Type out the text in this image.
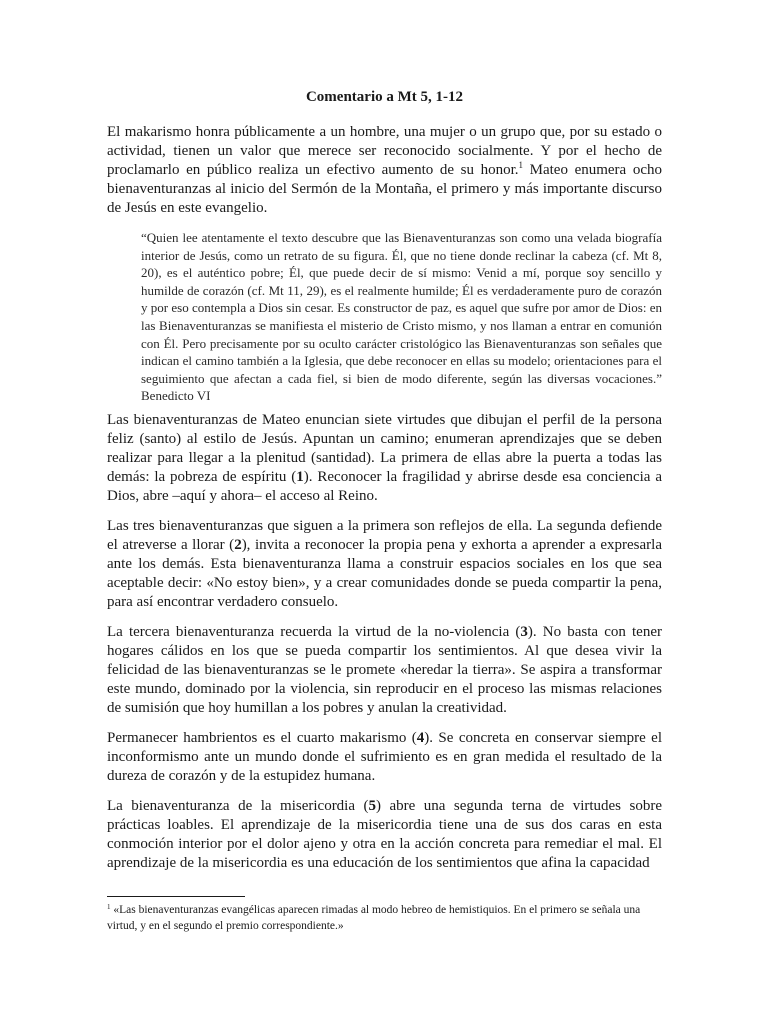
Comentario a Mt 5, 1-12

El makarismo honra públicamente a un hombre, una mujer o un grupo que, por su estado o actividad, tienen un valor que merece ser reconocido socialmente. Y por el hecho de proclamarlo en público realiza un efectivo aumento de su honor.$^1$ Mateo enumera ocho bienaventuranzas al inicio del Sermón de la Montaña, el primero y más importante discurso de Jesús en este evangelio.

“Quien lee atentamente el texto descubre que las Bienaventuranzas son como una velada biografía interior de Jesús, como un retrato de su figura. Él, que no tiene donde reclinar la cabeza (cf. Mt 8, 20), es el auténtico pobre; Él, que puede decir de sí mismo: Venid a mí, porque soy sencillo y humilde de corazón (cf. Mt 11, 29), es el realmente humilde; Él es verdaderamente puro de corazón y por eso contempla a Dios sin cesar. Es constructor de paz, es aquel que sufre por amor de Dios: en las Bienaventuranzas se manifiesta el misterio de Cristo mismo, y nos llaman a entrar en comunión con Él. Pero precisamente por su oculto carácter cristológico las Bienaventuranzas son señales que indican el camino también a la Iglesia, que debe reconocer en ellas su modelo; orientaciones para el seguimiento que afectan a cada fiel, si bien de modo diferente, según las diversas vocaciones.” Benedicto VI

Las bienaventuranzas de Mateo enuncian siete virtudes que dibujan el perfil de la persona feliz (santo) al estilo de Jesús. Apuntan un camino; enumeran aprendizajes que se deben realizar para llegar a la plenitud (santidad). La primera de ellas abre la puerta a todas las demás: la pobreza de espíritu (1). Reconocer la fragilidad y abrirse desde esa conciencia a Dios, abre –aquí y ahora– el acceso al Reino.

Las tres bienaventuranzas que siguen a la primera son reflejos de ella. La segunda defiende el atreverse a llorar (2), invita a reconocer la propia pena y exhorta a aprender a expresarla ante los demás. Esta bienaventuranza llama a construir espacios sociales en los que sea aceptable decir: «No estoy bien», y a crear comunidades donde se pueda compartir la pena, para así encontrar verdadero consuelo.

La tercera bienaventuranza recuerda la virtud de la no-violencia (3). No basta con tener hogares cálidos en los que se pueda compartir los sentimientos. Al que desea vivir la felicidad de las bienaventuranzas se le promete «heredar la tierra». Se aspira a transformar este mundo, dominado por la violencia, sin reproducir en el proceso las mismas relaciones de sumisión que hoy humillan a los pobres y anulan la creatividad.

Permanecer hambrientos es el cuarto makarismo (4). Se concreta en conservar siempre el inconformismo ante un mundo donde el sufrimiento es en gran medida el resultado de la dureza de corazón y de la estupidez humana.

La bienaventuranza de la misericordia (5) abre una segunda terna de virtudes sobre prácticas loables. El aprendizaje de la misericordia tiene una de sus dos caras en esta conmoción interior por el dolor ajeno y otra en la acción concreta para remediar el mal. El aprendizaje de la misericordia es una educación de los sentimientos que afina la capacidad

$^1$ «Las bienaventuranzas evangélicas aparecen rimadas al modo hebreo de hemistiquios. En el primero se señala una virtud, y en el segundo el premio correspondiente.»
